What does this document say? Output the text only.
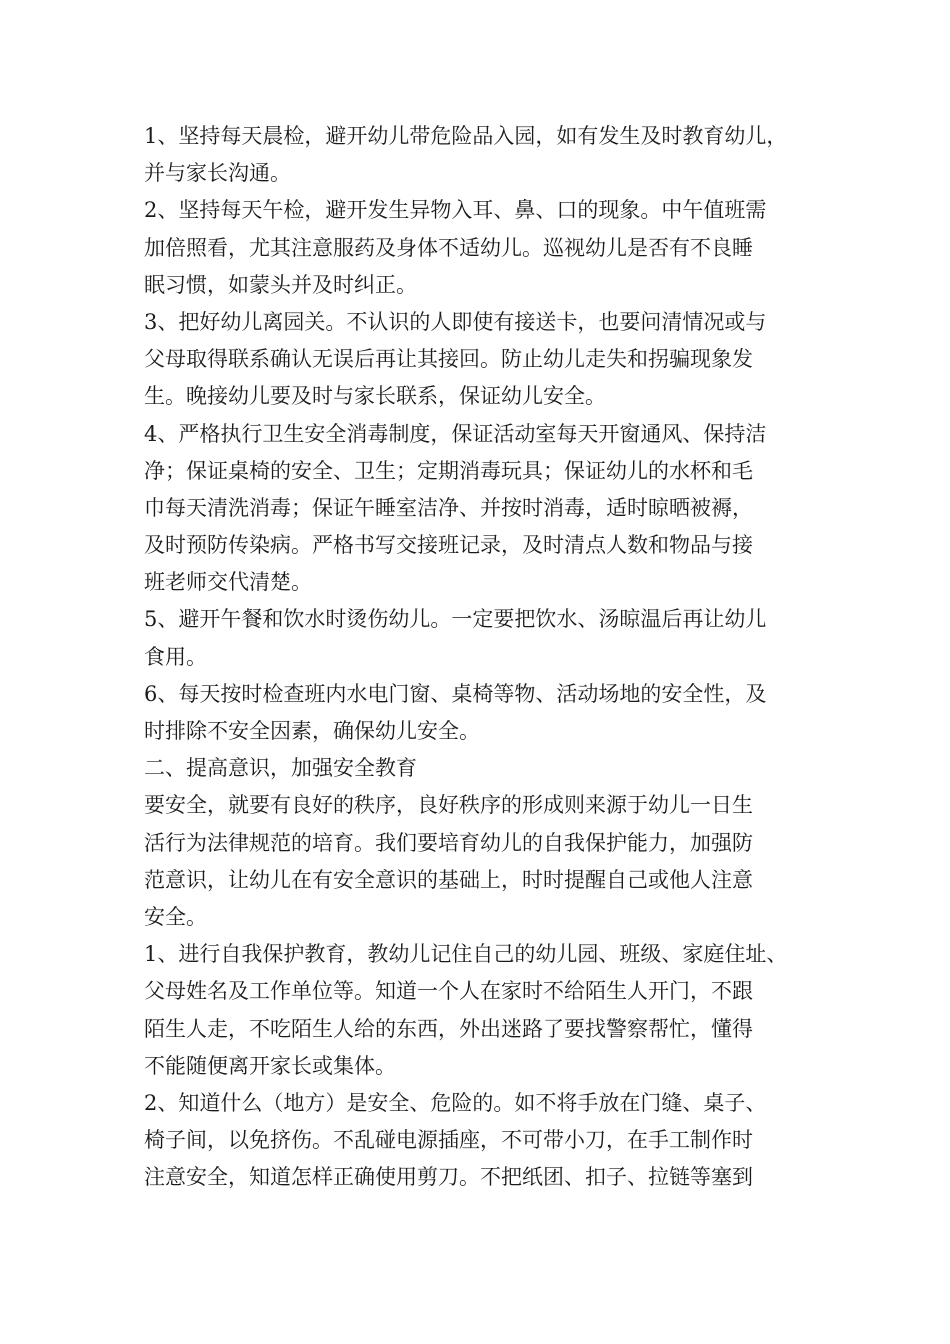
1、坚持每天晨检，避开幼儿带危险品入园，如有发生及时教育幼儿，
并与家长沟通。
2、坚持每天午检，避开发生异物入耳、鼻、口的现象。中午值班需
加倍照看，尤其注意服药及身体不适幼儿。巡视幼儿是否有不良睡
眠习惯，如蒙头并及时纠正。
3、把好幼儿离园关。不认识的人即使有接送卡，也要问清情况或与
父母取得联系确认无误后再让其接回。防止幼儿走失和拐骗现象发
生。晚接幼儿要及时与家长联系，保证幼儿安全。
4、严格执行卫生安全消毒制度，保证活动室每天开窗通风、保持洁
净；保证桌椅的安全、卫生；定期消毒玩具；保证幼儿的水杯和毛
巾每天清洗消毒；保证午睡室洁净、并按时消毒，适时晾晒被褥，
及时预防传染病。严格书写交接班记录，及时清点人数和物品与接
班老师交代清楚。
5、避开午餐和饮水时烫伤幼儿。一定要把饮水、汤晾温后再让幼儿
食用。
6、每天按时检查班内水电门窗、桌椅等物、活动场地的安全性，及
时排除不安全因素，确保幼儿安全。
二、提高意识，加强安全教育
要安全，就要有良好的秩序，良好秩序的形成则来源于幼儿一日生
活行为法律规范的培育。我们要培育幼儿的自我保护能力，加强防
范意识，让幼儿在有安全意识的基础上，时时提醒自己或他人注意
安全。
1、进行自我保护教育，教幼儿记住自己的幼儿园、班级、家庭住址、
父母姓名及工作单位等。知道一个人在家时不给陌生人开门，不跟
陌生人走，不吃陌生人给的东西，外出迷路了要找警察帮忙，懂得
不能随便离开家长或集体。
2、知道什么（地方）是安全、危险的。如不将手放在门缝、桌子、
椅子间，以免挤伤。不乱碰电源插座，不可带小刀，在手工制作时
注意安全，知道怎样正确使用剪刀。不把纸团、扣子、拉链等塞到
